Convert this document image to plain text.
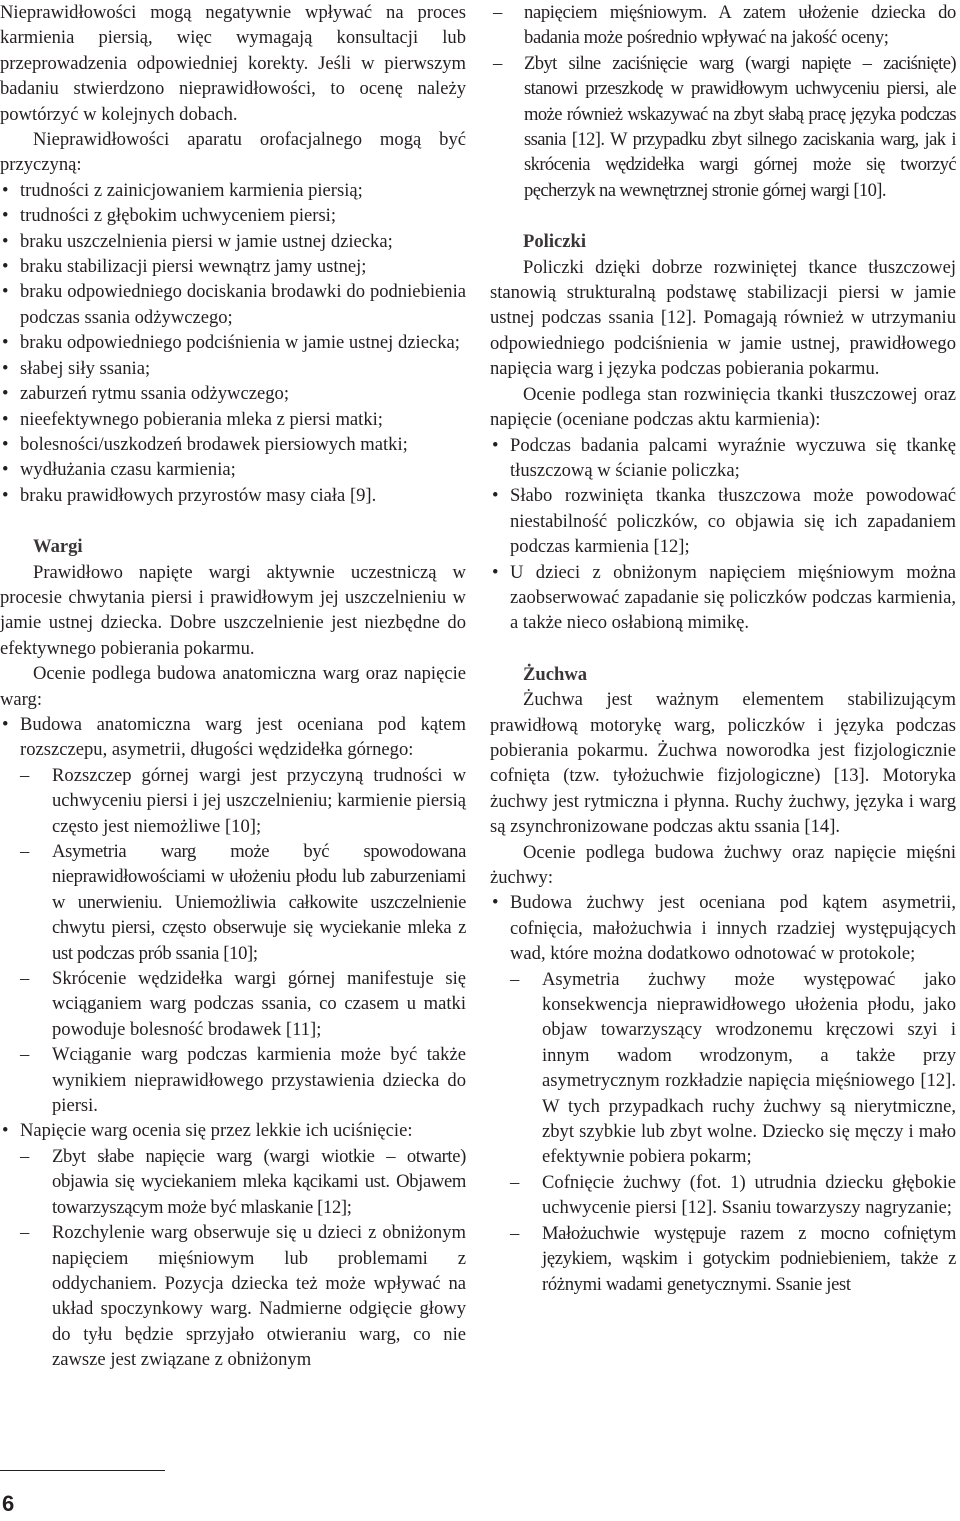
Nieprawidłowości mogą negatywnie wpływać na proces karmienia piersią, więc wymagają konsultacji lub przeprowadzenia odpowiedniej korekty. Jeśli w pierwszym badaniu stwierdzono nieprawidłowości, to ocenę należy powtórzyć w kolejnych dobach.

Nieprawidłowości aparatu orofacjalnego mogą być przyczyną:

• trudności z zainicjowaniem karmienia piersią;
• trudności z głębokim uchwyceniem piersi;
• braku uszczelnienia piersi w jamie ustnej dziecka;
• braku stabilizacji piersi wewnątrz jamy ustnej;
• braku odpowiedniego dociskania brodawki do podniebienia podczas ssania odżywczego;
• braku odpowiedniego podciśnienia w jamie ustnej dziecka;
• słabej siły ssania;
• zaburzeń rytmu ssania odżywczego;
• nieefektywnego pobierania mleka z piersi matki;
• bolesności/uszkodzeń brodawek piersiowych matki;
• wydłużania czasu karmienia;
• braku prawidłowych przyrostów masy ciała [9].
Wargi

Prawidłowo napięte wargi aktywnie uczestniczą w procesie chwytania piersi i prawidłowym jej uszczelnieniu w jamie ustnej dziecka. Dobre uszczelnienie jest niezbędne do efektywnego pobierania pokarmu.

Ocenie podlega budowa anatomiczna warg oraz napięcie warg:

• Budowa anatomiczna warg jest oceniana pod kątem rozszczepu, asymetrii, długości wędzidełka górnego:
– Rozszczep górnej wargi jest przyczyną trudności w uchwyceniu piersi i jej uszczelnieniu; karmienie piersią często jest niemożliwe [10];
– Asymetria warg może być spowodowana nieprawidłowościami w ułożeniu płodu lub zaburzeniami w unerwieniu. Uniemożliwia całkowite uszczelnienie chwytu piersi, często obserwuje się wyciekanie mleka z ust podczas prób ssania [10];
– Skrócenie wędzidełka wargi górnej manifestuje się wciąganiem warg podczas ssania, co czasem u matki powoduje bolesność brodawek [11];
– Wciąganie warg podczas karmienia może być także wynikiem nieprawidłowego przystawienia dziecka do piersi.
• Napięcie warg ocenia się przez lekkie ich uciśnięcie:
– Zbyt słabe napięcie warg (wargi wiotkie – otwarte) objawia się wyciekaniem mleka kącikami ust. Objawem towarzyszącym może być mlaskanie [12];
– Rozchylenie warg obserwuje się u dzieci z obniżonym napięciem mięśniowym lub problemami z oddychaniem. Pozycja dziecka też może wpływać na układ spoczynkowy warg. Nadmierne odgięcie głowy do tyłu będzie sprzyjało otwieraniu warg, co nie zawsze jest związane z obniżonym
– napięciem mięśniowym. A zatem ułożenie dziecka do badania może pośrednio wpływać na jakość oceny;
– Zbyt silne zaciśnięcie warg (wargi napięte – zaciśnięte) stanowi przeszkodę w prawidłowym uchwyceniu piersi, ale może również wskazywać na zbyt słabą pracę języka podczas ssania [12]. W przypadku zbyt silnego zaciskania warg, jak i skrócenia wędzidełka wargi górnej może się tworzyć pęcherzyk na wewnętrznej stronie górnej wargi [10].
Policzki

Policzki dzięki dobrze rozwiniętej tkance tłuszczowej stanowią strukturalną podstawę stabilizacji piersi w jamie ustnej podczas ssania [12]. Pomagają również w utrzymaniu odpowiedniego podciśnienia w jamie ustnej, prawidłowego napięcia warg i języka podczas pobierania pokarmu.

Ocenie podlega stan rozwinięcia tkanki tłuszczowej oraz napięcie (oceniane podczas aktu karmienia):

• Podczas badania palcami wyraźnie wyczuwa się tkankę tłuszczową w ścianie policzka;
• Słabo rozwinięta tkanka tłuszczowa może powodować niestabilność policzków, co objawia się ich zapadaniem podczas karmienia [12];
• U dzieci z obniżonym napięciem mięśniowym można zaobserwować zapadanie się policzków podczas karmienia, a także nieco osłabioną mimikę.
Żuchwa

Żuchwa jest ważnym elementem stabilizującym prawidłową motorykę warg, policzków i języka podczas pobierania pokarmu. Żuchwa noworodka jest fizjologicznie cofnięta (tzw. tyłożuchwie fizjologiczne) [13]. Motoryka żuchwy jest rytmiczna i płynna. Ruchy żuchwy, języka i warg są zsynchronizowane podczas aktu ssania [14].

Ocenie podlega budowa żuchwy oraz napięcie mięśni żuchwy:

• Budowa żuchwy jest oceniana pod kątem asymetrii, cofnięcia, małożuchwia i innych rzadziej występujących wad, które można dodatkowo odnotować w protokole;
– Asymetria żuchwy może występować jako konsekwencja nieprawidłowego ułożenia płodu, jako objaw towarzyszący wrodzonemu kręczowi szyi i innym wadom wrodzonym, a także przy asymetrycznym rozkładzie napięcia mięśniowego [12]. W tych przypadkach ruchy żuchwy są nierytmiczne, zbyt szybkie lub zbyt wolne. Dziecko się męczy i mało efektywnie pobiera pokarm;
– Cofnięcie żuchwy (fot. 1) utrudnia dziecku głębokie uchwycenie piersi [12]. Ssaniu towarzyszy nagryzanie;
– Małożuchwie występuje razem z mocno cofniętym językiem, wąskim i gotyckim podniebieniem, także z różnymi wadami genetycznymi. Ssanie jest
6
